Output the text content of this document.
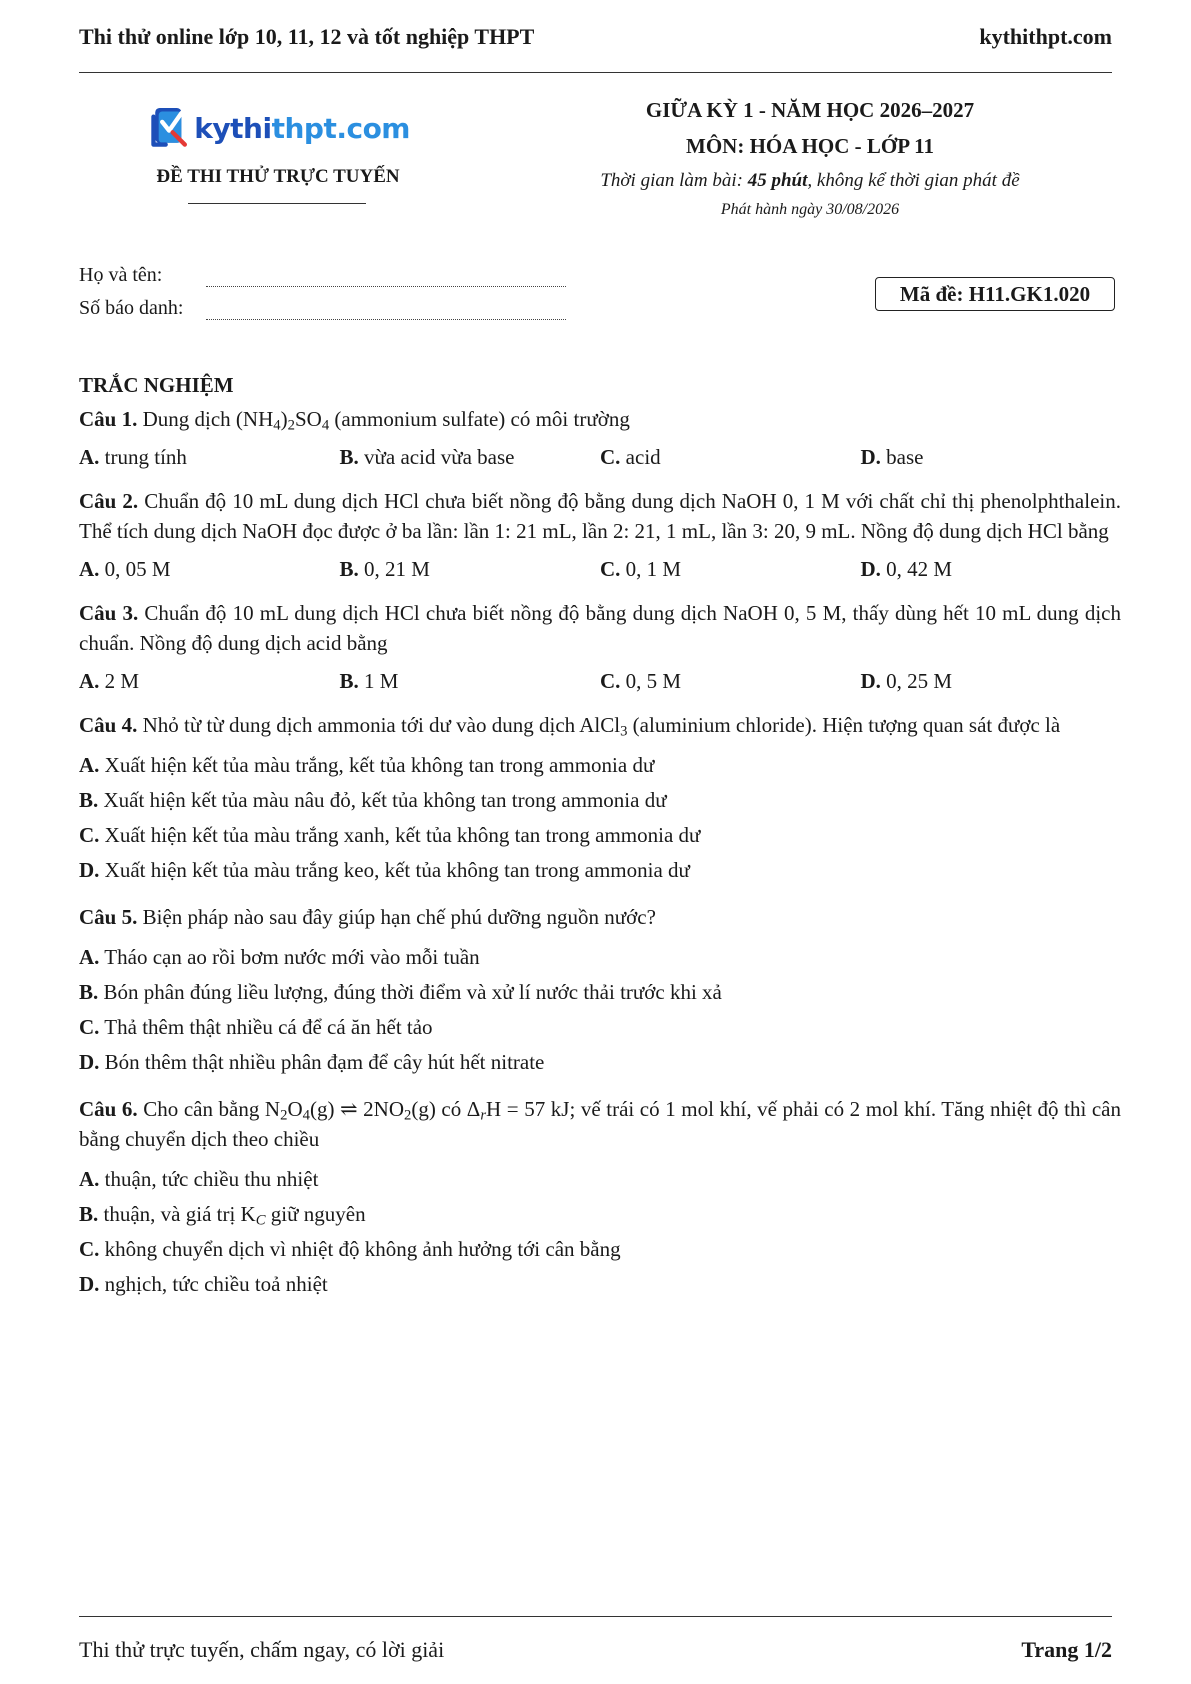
Thi thử online lớp 10, 11, 12 và tốt nghiệp THPT	kythithpt.com
kythithpt.com
ĐỀ THI THỬ TRỰC TUYẾN
GIỮA KỲ 1 - NĂM HỌC 2026–2027
MÔN: HÓA HỌC - LỚP 11
Thời gian làm bài: 45 phút, không kể thời gian phát đề
Phát hành ngày 30/08/2026
Họ và tên:
Số báo danh:
Mã đề: H11.GK1.020
TRẮC NGHIỆM
Câu 1. Dung dịch $(NH_4)_2SO_4$ (ammonium sulfate) có môi trường
A. trung tính	B. vừa acid vừa base	C. acid	D. base
Câu 2. Chuẩn độ 10 mL dung dịch HCl chưa biết nồng độ bằng dung dịch NaOH 0, 1 M với chất chỉ thị phenolphthalein. Thể tích dung dịch NaOH đọc được ở ba lần: lần 1: 21 mL, lần 2: 21, 1 mL, lần 3: 20, 9 mL. Nồng độ dung dịch HCl bằng
A. 0, 05 M	B. 0, 21 M	C. 0, 1 M	D. 0, 42 M
Câu 3. Chuẩn độ 10 mL dung dịch HCl chưa biết nồng độ bằng dung dịch NaOH 0, 5 M, thấy dùng hết 10 mL dung dịch chuẩn. Nồng độ dung dịch acid bằng
A. 2 M	B. 1 M	C. 0, 5 M	D. 0, 25 M
Câu 4. Nhỏ từ từ dung dịch ammonia tới dư vào dung dịch AlCl$_3$ (aluminium chloride). Hiện tượng quan sát được là
A. Xuất hiện kết tủa màu trắng, kết tủa không tan trong ammonia dư
B. Xuất hiện kết tủa màu nâu đỏ, kết tủa không tan trong ammonia dư
C. Xuất hiện kết tủa màu trắng xanh, kết tủa không tan trong ammonia dư
D. Xuất hiện kết tủa màu trắng keo, kết tủa không tan trong ammonia dư
Câu 5. Biện pháp nào sau đây giúp hạn chế phú dưỡng nguồn nước?
A. Tháo cạn ao rồi bơm nước mới vào mỗi tuần
B. Bón phân đúng liều lượng, đúng thời điểm và xử lí nước thải trước khi xả
C. Thả thêm thật nhiều cá để cá ăn hết tảo
D. Bón thêm thật nhiều phân đạm để cây hút hết nitrate
Câu 6. Cho cân bằng $N_2O_4(g)$ ⇌ $2NO_2(g)$ có $\Delta_rH = 57$ kJ; vế trái có 1 mol khí, vế phải có 2 mol khí. Tăng nhiệt độ thì cân bằng chuyển dịch theo chiều
A. thuận, tức chiều thu nhiệt
B. thuận, và giá trị $K_C$ giữ nguyên
C. không chuyển dịch vì nhiệt độ không ảnh hưởng tới cân bằng
D. nghịch, tức chiều toả nhiệt
Thi thử trực tuyến, chấm ngay, có lời giải	Trang 1/2
